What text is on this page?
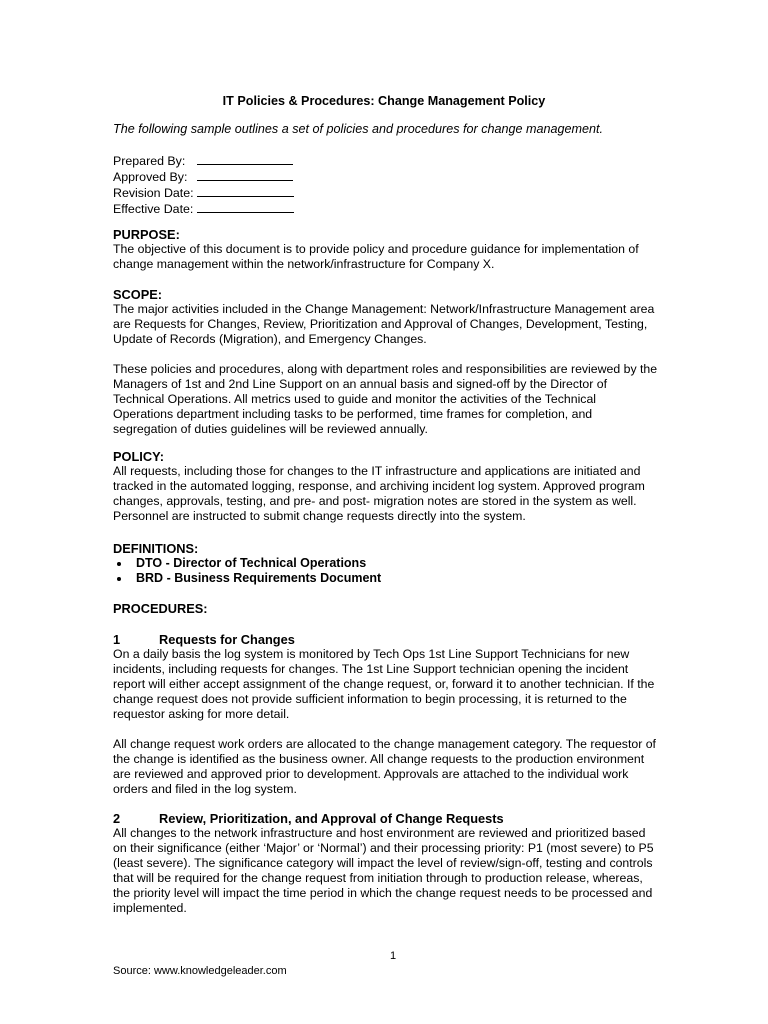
IT Policies & Procedures: Change Management Policy
The following sample outlines a set of policies and procedures for change management.
Prepared By:
Approved By:
Revision Date:
Effective Date:

PURPOSE:

The objective of this document is to provide policy and procedure guidance for implementation of change management within the network/infrastructure for Company X.

SCOPE:

The major activities included in the Change Management: Network/Infrastructure Management area are Requests for Changes, Review, Prioritization and Approval of Changes, Development, Testing, Update of Records (Migration), and Emergency Changes.

These policies and procedures, along with department roles and responsibilities are reviewed by the Managers of 1st and 2nd Line Support on an annual basis and signed-off by the Director of Technical Operations. All metrics used to guide and monitor the activities of the Technical Operations department including tasks to be performed, time frames for completion, and segregation of duties guidelines will be reviewed annually.

POLICY:

All requests, including those for changes to the IT infrastructure and applications are initiated and tracked in the automated logging, response, and archiving incident log system. Approved program changes, approvals, testing, and pre- and post- migration notes are stored in the system as well. Personnel are instructed to submit change requests directly into the system.

DEFINITIONS:

DTO - Director of Technical Operations
BRD - Business Requirements Document

PROCEDURES:

1	Requests for Changes

On a daily basis the log system is monitored by Tech Ops 1st Line Support Technicians for new incidents, including requests for changes. The 1st Line Support technician opening the incident report will either accept assignment of the change request, or, forward it to another technician. If the change request does not provide sufficient information to begin processing, it is returned to the requestor asking for more detail.

All change request work orders are allocated to the change management category. The requestor of the change is identified as the business owner. All change requests to the production environment are reviewed and approved prior to development. Approvals are attached to the individual work orders and filed in the log system.

2	Review, Prioritization, and Approval of Change Requests

All changes to the network infrastructure and host environment are reviewed and prioritized based on their significance (either ‘Major’ or ‘Normal’) and their processing priority: P1 (most severe) to P5 (least severe). The significance category will impact the level of review/sign-off, testing and controls that will be required for the change request from initiation through to production release, whereas, the priority level will impact the time period in which the change request needs to be processed and implemented.

1
Source: www.knowledgeleader.com
